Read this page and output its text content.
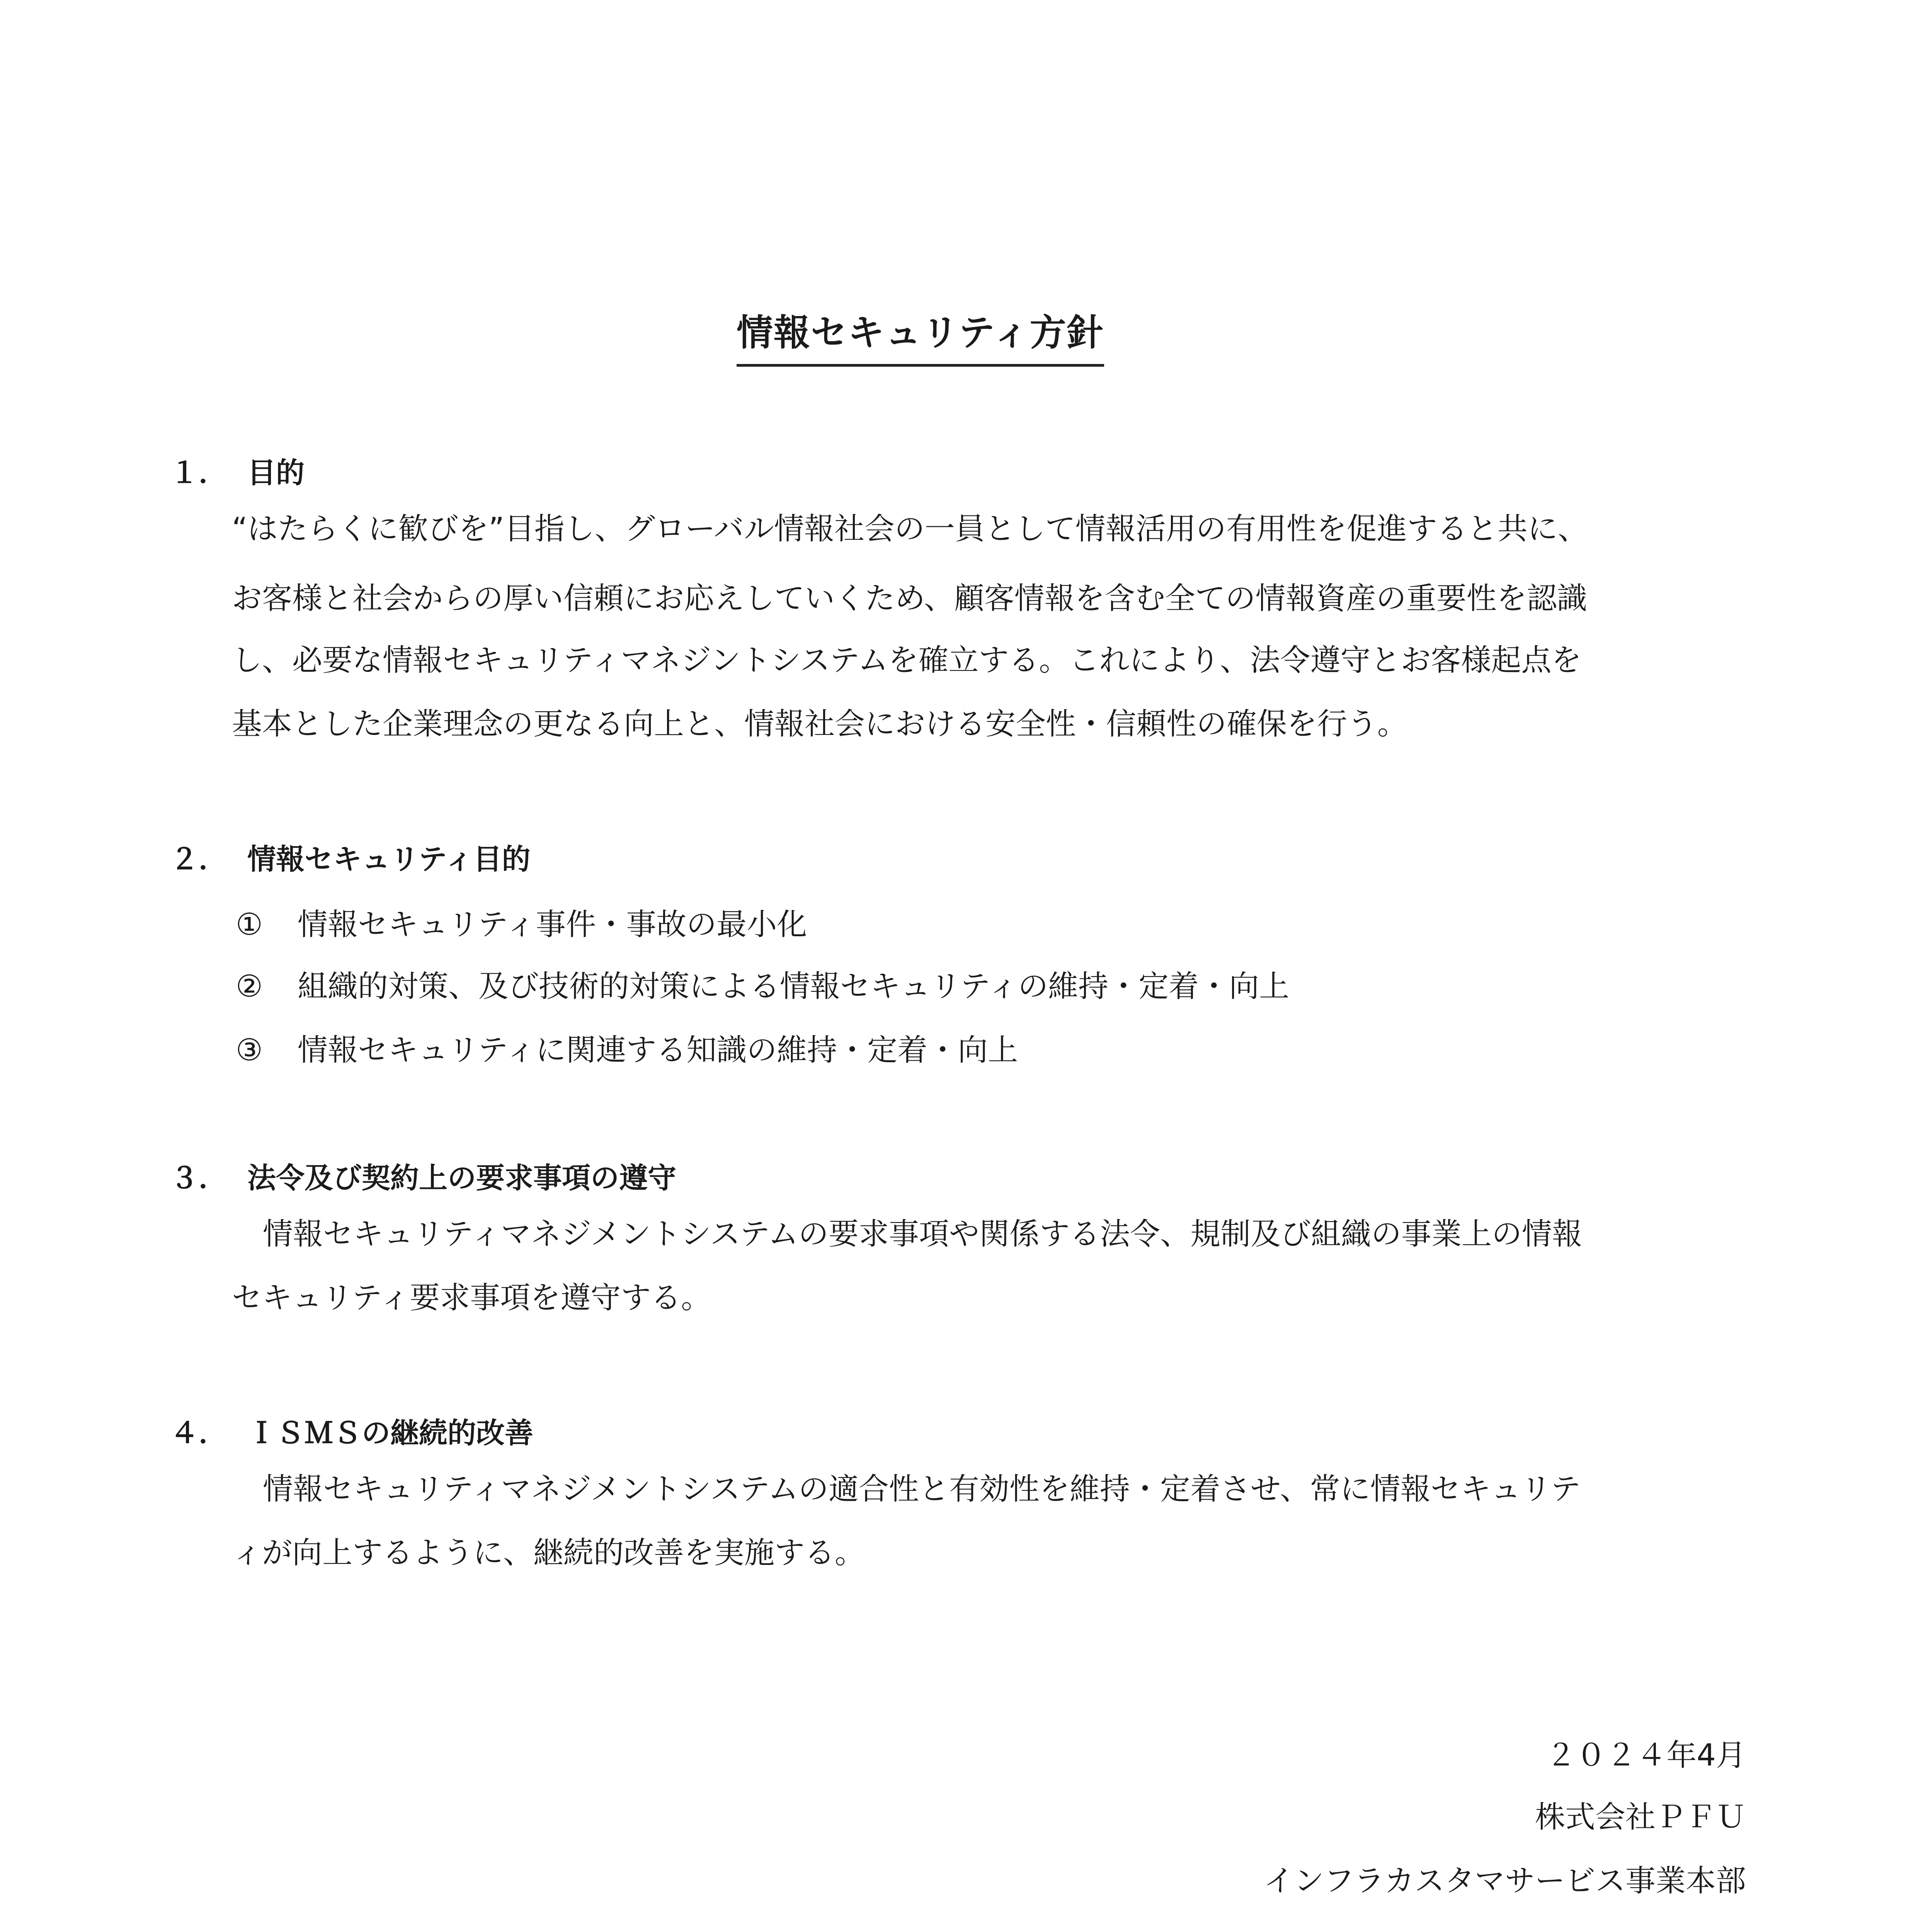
情報セキュリティ方針
１． 目的
“はたらくに歓びを”目指し、グローバル情報社会の一員として情報活用の有用性を促進すると共に、
お客様と社会からの厚い信頼にお応えしていくため、顧客情報を含む全ての情報資産の重要性を認識
し、必要な情報セキュリティマネジントシステムを確立する。これにより、法令遵守とお客様起点を
基本とした企業理念の更なる向上と、情報社会における安全性・信頼性の確保を行う。
２． 情報セキュリティ目的
① 情報セキュリティ事件・事故の最小化
② 組織的対策、及び技術的対策による情報セキュリティの維持・定着・向上
③ 情報セキュリティに関連する知識の維持・定着・向上
３． 法令及び契約上の要求事項の遵守
情報セキュリティマネジメントシステムの要求事項や関係する法令、規制及び組織の事業上の情報
セキュリティ要求事項を遵守する。
４． ＩＳＭＳの継続的改善
情報セキュリティマネジメントシステムの適合性と有効性を維持・定着させ、常に情報セキュリテ
ィが向上するように、継続的改善を実施する。
２０２４年4月
株式会社ＰＦＵ
インフラカスタマサービス事業本部
